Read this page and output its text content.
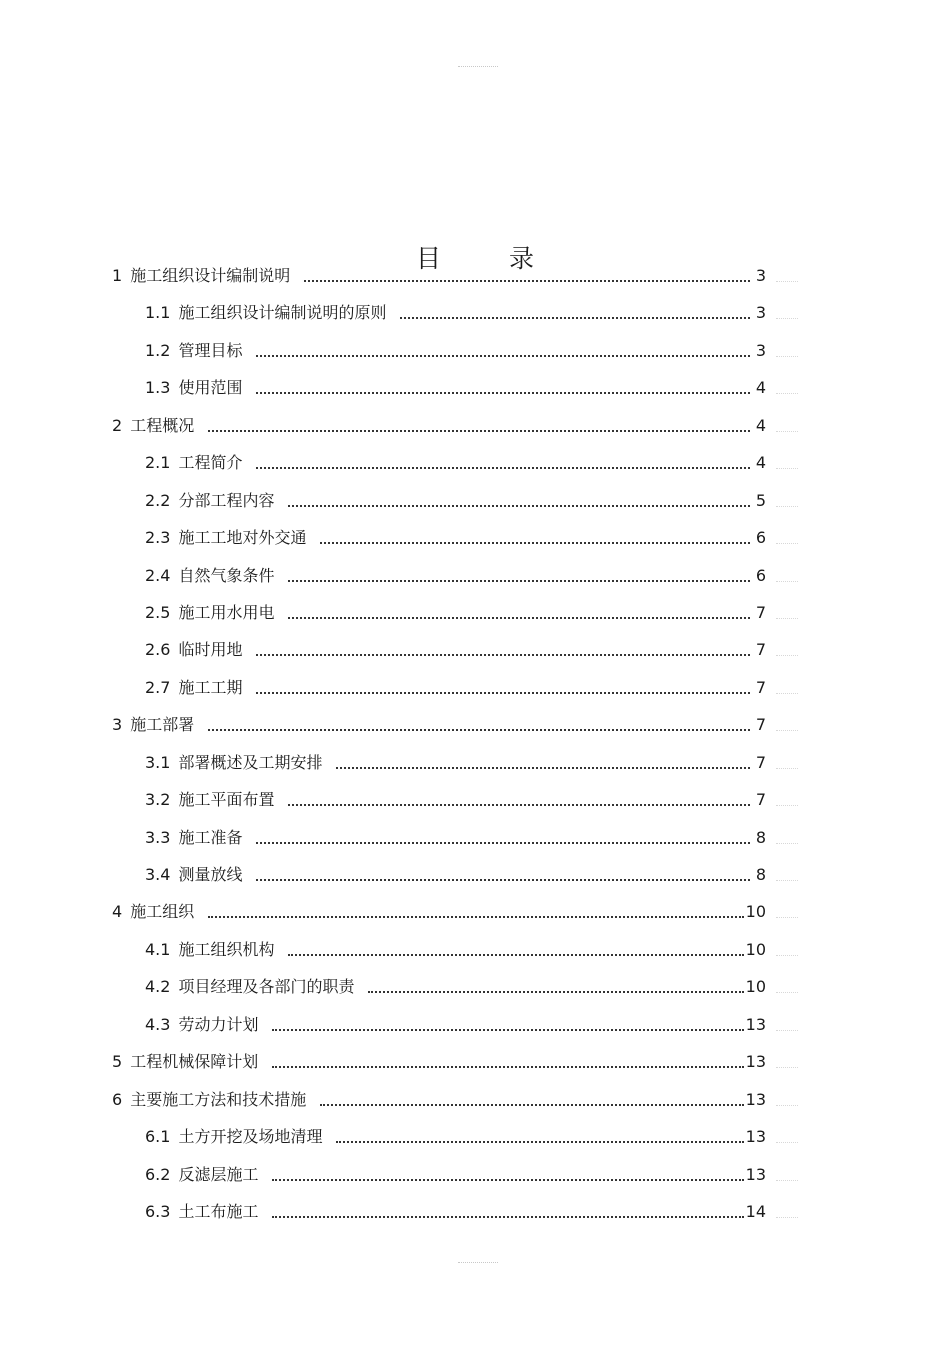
目 录
1 施工组织设计编制说明	3
1.1 施工组织设计编制说明的原则	3
1.2 管理目标	3
1.3 使用范围	4
2 工程概况	4
2.1 工程简介	4
2.2 分部工程内容	5
2.3 施工工地对外交通	6
2.4 自然气象条件	6
2.5 施工用水用电	7
2.6 临时用地	7
2.7 施工工期	7
3 施工部署	7
3.1 部署概述及工期安排	7
3.2 施工平面布置	7
3.3 施工准备	8
3.4 测量放线	8
4 施工组织	10
4.1 施工组织机构	10
4.2 项目经理及各部门的职责	10
4.3 劳动力计划	13
5 工程机械保障计划	13
6 主要施工方法和技术措施	13
6.1 土方开挖及场地清理	13
6.2 反滤层施工	13
6.3 土工布施工	14
